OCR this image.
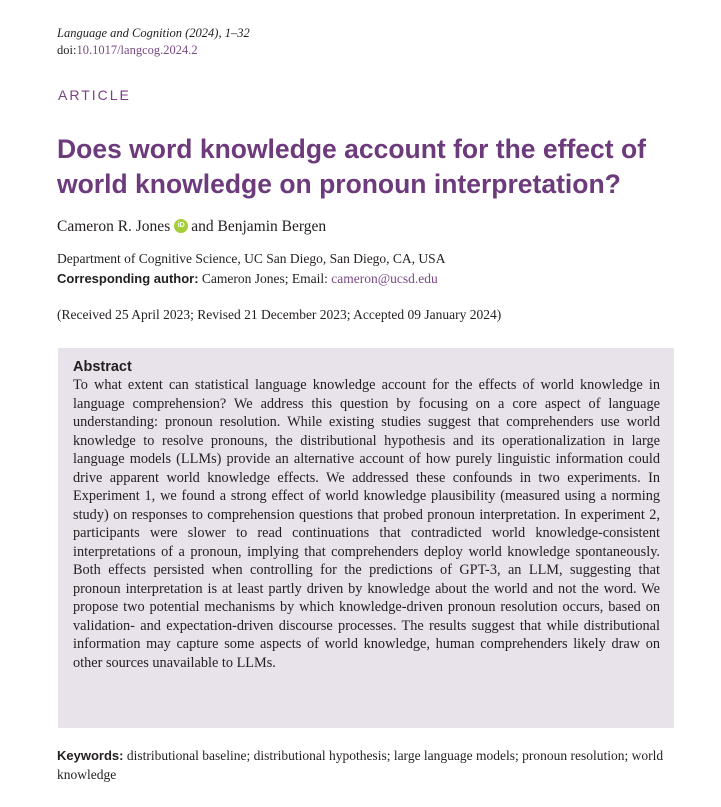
Language and Cognition (2024), 1–32
doi:10.1017/langcog.2024.2
ARTICLE
Does word knowledge account for the effect of world knowledge on pronoun interpretation?
Cameron R. Jones iD and Benjamin Bergen
Department of Cognitive Science, UC San Diego, San Diego, CA, USA
Corresponding author: Cameron Jones; Email: cameron@ucsd.edu
(Received 25 April 2023; Revised 21 December 2023; Accepted 09 January 2024)
Abstract

To what extent can statistical language knowledge account for the effects of world knowledge in language comprehension? We address this question by focusing on a core aspect of language understanding: pronoun resolution. While existing studies suggest that comprehenders use world knowledge to resolve pronouns, the distributional hypothesis and its operationalization in large language models (LLMs) provide an alternative account of how purely linguistic information could drive apparent world knowledge effects. We addressed these confounds in two experiments. In Experiment 1, we found a strong effect of world knowledge plausibility (measured using a norming study) on responses to comprehension questions that probed pronoun interpretation. In experiment 2, participants were slower to read continuations that contradicted world knowledge-consistent interpretations of a pronoun, implying that comprehenders deploy world knowledge spontaneously. Both effects persisted when controlling for the predictions of GPT-3, an LLM, suggesting that pronoun interpretation is at least partly driven by knowledge about the world and not the word. We propose two potential mechanisms by which knowledge-driven pronoun resolution occurs, based on validation- and expectation-driven discourse processes. The results suggest that while distributional information may capture some aspects of world knowledge, human comprehenders likely draw on other sources unavailable to LLMs.

Keywords: distributional baseline; distributional hypothesis; large language models; pronoun resolution; world knowledge
